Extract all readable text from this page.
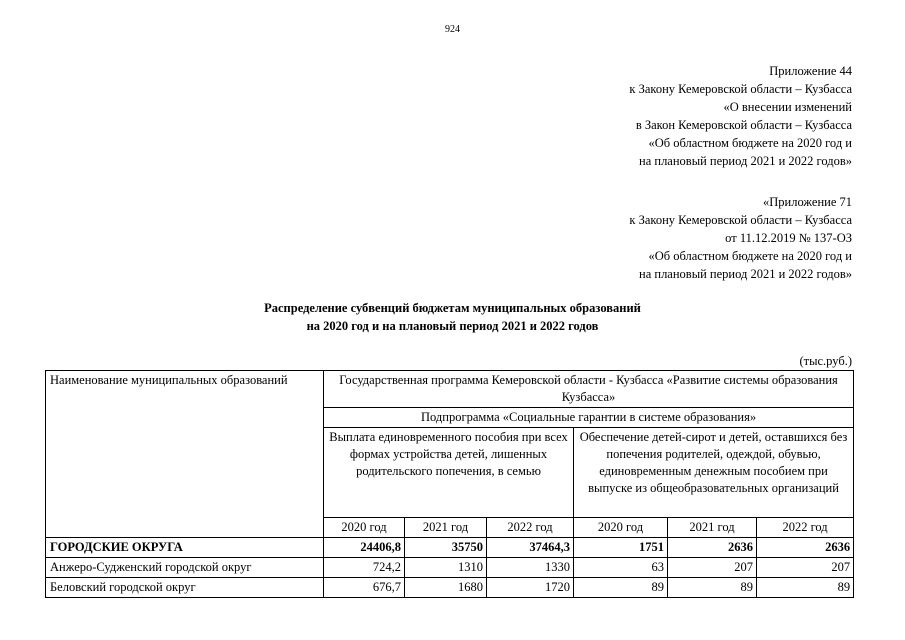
924
Приложение 44
к Закону Кемеровской области – Кузбасса
«О внесении изменений
в Закон Кемеровской области – Кузбасса
«Об областном бюджете на 2020 год и
на плановый период 2021 и 2022 годов»
«Приложение 71
к Закону Кемеровской области – Кузбасса
от 11.12.2019 № 137-ОЗ
«Об областном бюджете на 2020 год и
на плановый период 2021 и 2022 годов»
Распределение субвенций бюджетам муниципальных образований
на 2020 год и на плановый период 2021 и 2022 годов
(тыс.руб.)
Наименование муниципальных образований	Государственная программа Кемеровской области - Кузбасса «Развитие системы образования Кузбасса»					
	Подпрограмма «Социальные гарантии в системе образования»					
	Выплата единовременного пособия при всех формах устройства детей, лишенных родительского попечения, в семью			Обеспечение детей-сирот и детей, оставшихся без попечения родителей, одеждой, обувью, единовременным денежным пособием при выпуске из общеобразовательных организаций		
	2020 год	2021 год	2022 год	2020 год	2021 год	2022 год
ГОРОДСКИЕ ОКРУГА	24406,8	35750	37464,3	1751	2636	2636
Анжеро-Судженский городской округ	724,2	1310	1330	63	207	207
Беловский городской округ	676,7	1680	1720	89	89	89
